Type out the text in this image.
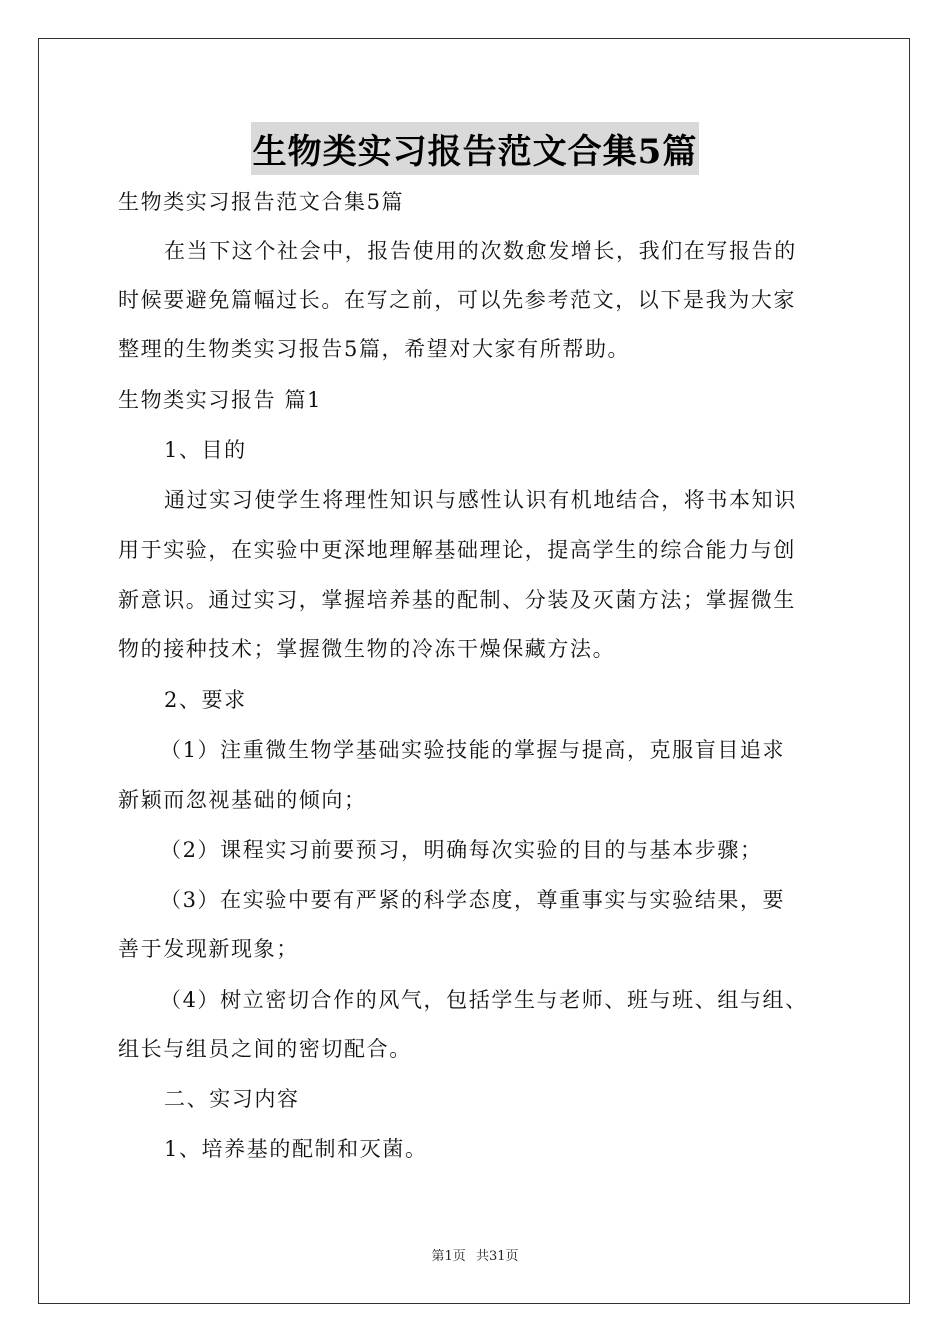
生物类实习报告范文合集5篇
生物类实习报告范文合集5篇
在当下这个社会中，报告使用的次数愈发增长，我们在写报告的
时候要避免篇幅过长。在写之前，可以先参考范文，以下是我为大家
整理的生物类实习报告5篇，希望对大家有所帮助。
生物类实习报告 篇1
1、目的
通过实习使学生将理性知识与感性认识有机地结合，将书本知识
用于实验，在实验中更深地理解基础理论，提高学生的综合能力与创
新意识。通过实习，掌握培养基的配制、分装及灭菌方法；掌握微生
物的接种技术；掌握微生物的冷冻干燥保藏方法。
2、要求
（1）注重微生物学基础实验技能的掌握与提高，克服盲目追求
新颖而忽视基础的倾向；
（2）课程实习前要预习，明确每次实验的目的与基本步骤；
（3）在实验中要有严紧的科学态度，尊重事实与实验结果，要
善于发现新现象；
（4）树立密切合作的风气，包括学生与老师、班与班、组与组、
组长与组员之间的密切配合。
二、实习内容
1、培养基的配制和灭菌。
第1页 共31页
